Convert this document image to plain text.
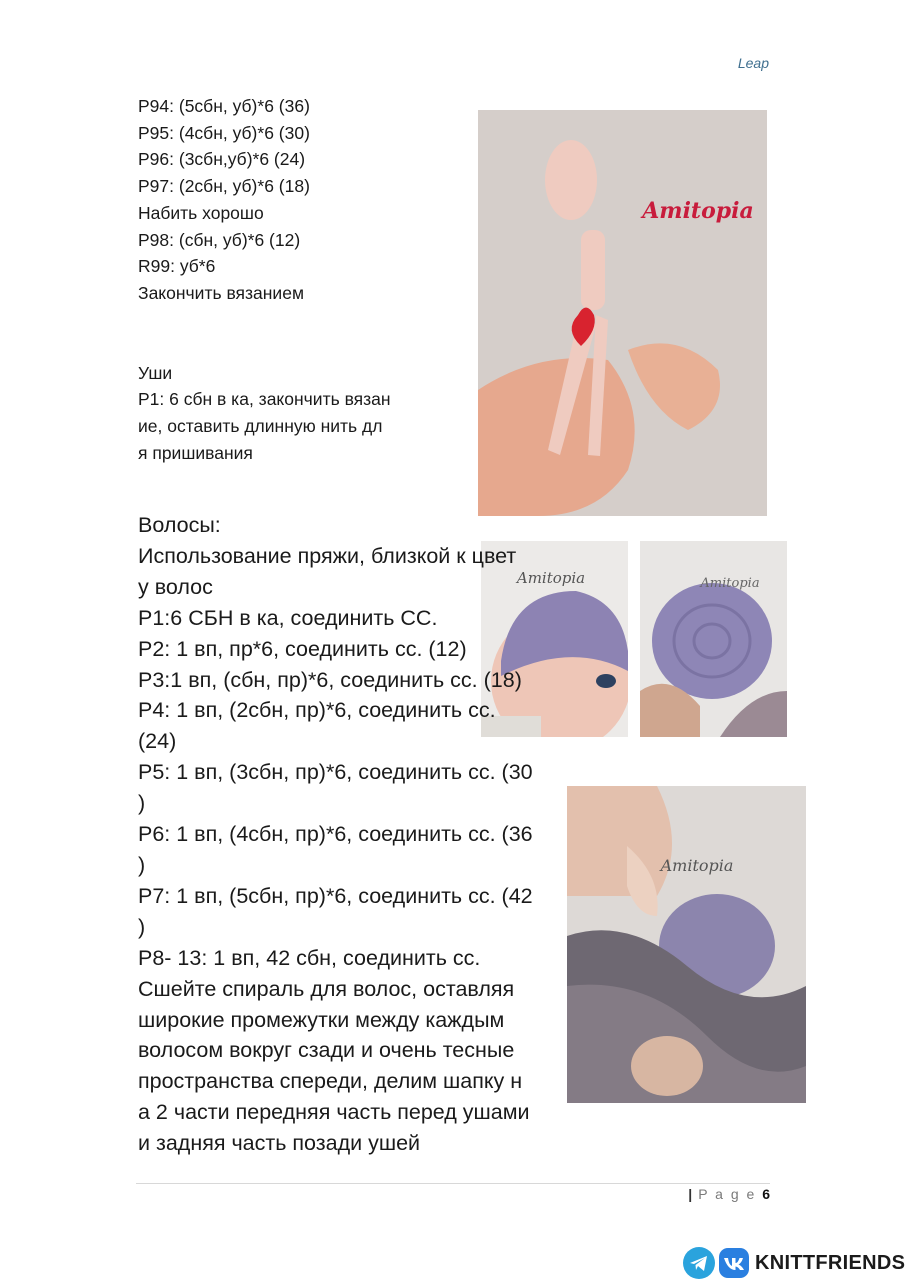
Leap
Р94: (5сбн, уб)*6 (36)
Р95: (4сбн, уб)*6 (30)
Р96: (3сбн,уб)*6 (24)
Р97: (2сбн, уб)*6 (18)
Набить хорошо
Р98: (сбн, уб)*6 (12)
R99: уб*6
Закончить вязанием
Уши
Р1: 6 сбн в ка, закончить вязан
ие, оставить длинную нить дл
я пришивания
Amitopia
Amitopia	Amitopia
Amitopia
Волосы:
Использование пряжи, близкой к цвет
у волос
Р1:6 СБН в ка, соединить СС.
Р2: 1 вп, пр*6, соединить сс. (12)
Р3:1 вп, (сбн, пр)*6, соединить сс. (18)
Р4: 1 вп, (2сбн, пр)*6, соединить сс.
(24)
Р5: 1 вп, (3сбн, пр)*6, соединить сс. (30
)
Р6: 1 вп, (4сбн, пр)*6, соединить сс. (36
)
Р7: 1 вп, (5сбн, пр)*6, соединить сс. (42
)
Р8- 13: 1 вп, 42 сбн, соединить сс.
Сшейте спираль для волос, оставляя
широкие промежутки между каждым
волосом вокруг сзади и очень тесные
пространства спереди, делим шапку н
а 2 части передняя часть перед ушами
и задняя часть позади ушей
| P a g e 6
KNITTFRIENDS
